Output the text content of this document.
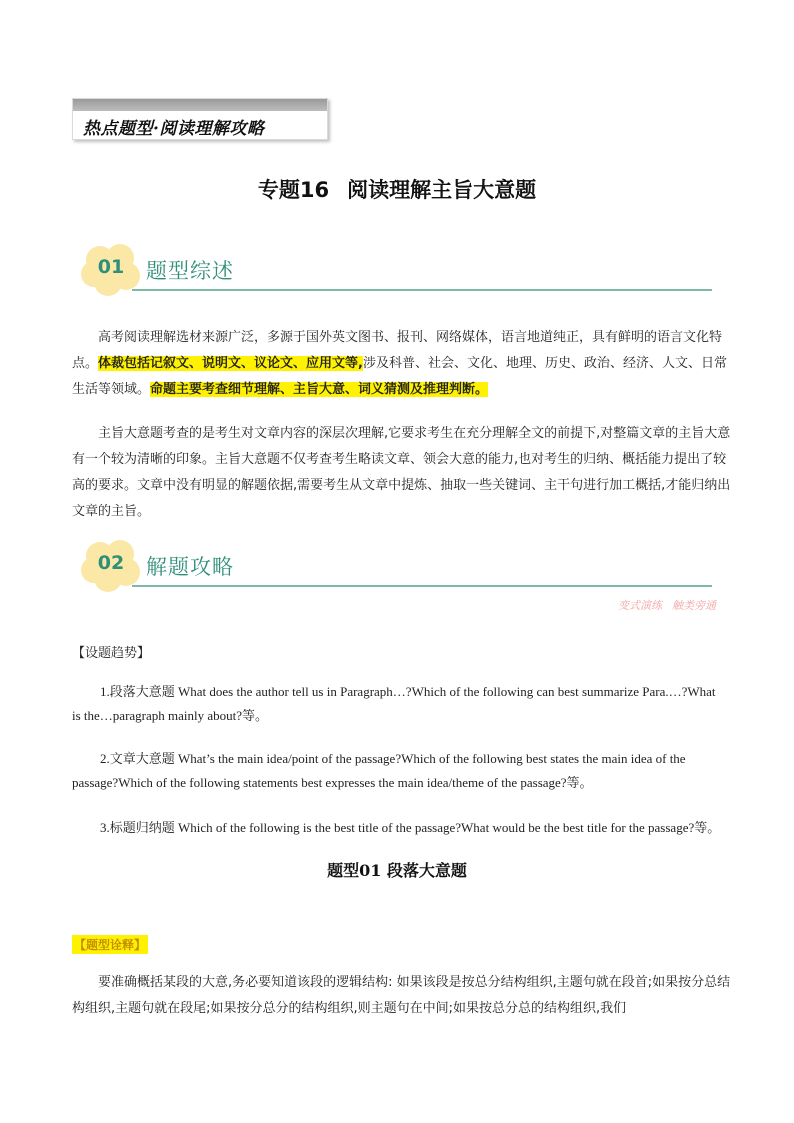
热点题型·阅读理解攻略
专题16 阅读理解主旨大意题
01	题型综述
高考阅读理解选材来源广泛，多源于国外英文图书、报刊、网络媒体，语言地道纯正，具有鲜明的语言文化特点。体裁包括记叙文、说明文、议论文、应用文等,涉及科普、社会、文化、地理、历史、政治、经济、人文、日常生活等领域。命题主要考查细节理解、主旨大意、词义猜测及推理判断。
主旨大意题考查的是考生对文章内容的深层次理解,它要求考生在充分理解全文的前提下,对整篇文章的主旨大意有一个较为清晰的印象。主旨大意题不仅考查考生略读文章、领会大意的能力,也对考生的归纳、概括能力提出了较高的要求。文章中没有明显的解题依据,需要考生从文章中提炼、抽取一些关键词、主干句进行加工概括,才能归纳出文章的主旨。
02	解题攻略
变式演练 触类旁通
【设题趋势】
1.段落大意题 What does the author tell us in Paragraph…?Which of the following can best summarize Para.…?What is the…paragraph mainly about?等。
2.文章大意题 What’s the main idea/point of the passage?Which of the following best states the main idea of the passage?Which of the following statements best expresses the main idea/theme of the passage?等。
3.标题归纳题 Which of the following is the best title of the passage?What would be the best title for the passage?等。
题型01 段落大意题
【题型诠释】
要准确概括某段的大意,务必要知道该段的逻辑结构: 如果该段是按总分结构组织,主题句就在段首;如果按分总结构组织,主题句就在段尾;如果按分总分的结构组织,则主题句在中间;如果按总分总的结构组织,我们
